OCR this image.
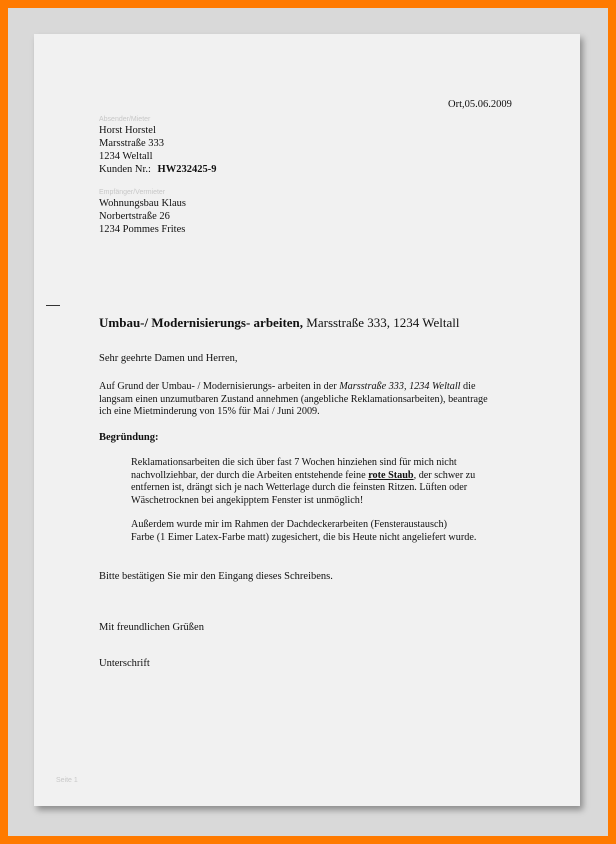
Ort,05.06.2009
Absender/Mieter
Horst Horstel
Marsstraße 333
1234 Weltall
Kunden Nr.: HW232425-9
Empfänger/Vermieter
Wohnungsbau Klaus
Norbertstraße 26
1234 Pommes Frites
Umbau-/ Modernisierungs- arbeiten, Marsstraße 333, 1234 Weltall
Sehr geehrte Damen und Herren,
Auf Grund der Umbau- / Modernisierungs- arbeiten in der Marsstraße 333, 1234 Weltall die
langsam einen unzumutbaren Zustand annehmen (angebliche Reklamationsarbeiten), beantrage
ich eine Mietminderung von 15% für Mai / Juni 2009.
Begründung:
Reklamationsarbeiten die sich über fast 7 Wochen hinziehen sind für mich nicht
nachvollziehbar, der durch die Arbeiten entstehende feine rote Staub, der schwer zu
entfernen ist, drängt sich je nach Wetterlage durch die feinsten Ritzen. Lüften oder
Wäschetrocknen bei angekipptem Fenster ist unmöglich!
Außerdem wurde mir im Rahmen der Dachdeckerarbeiten (Fensteraustausch)
Farbe (1 Eimer Latex-Farbe matt) zugesichert, die bis Heute nicht angeliefert wurde.
Bitte bestätigen Sie mir den Eingang dieses Schreibens.
Mit freundlichen Grüßen
Unterschrift
Seite 1
